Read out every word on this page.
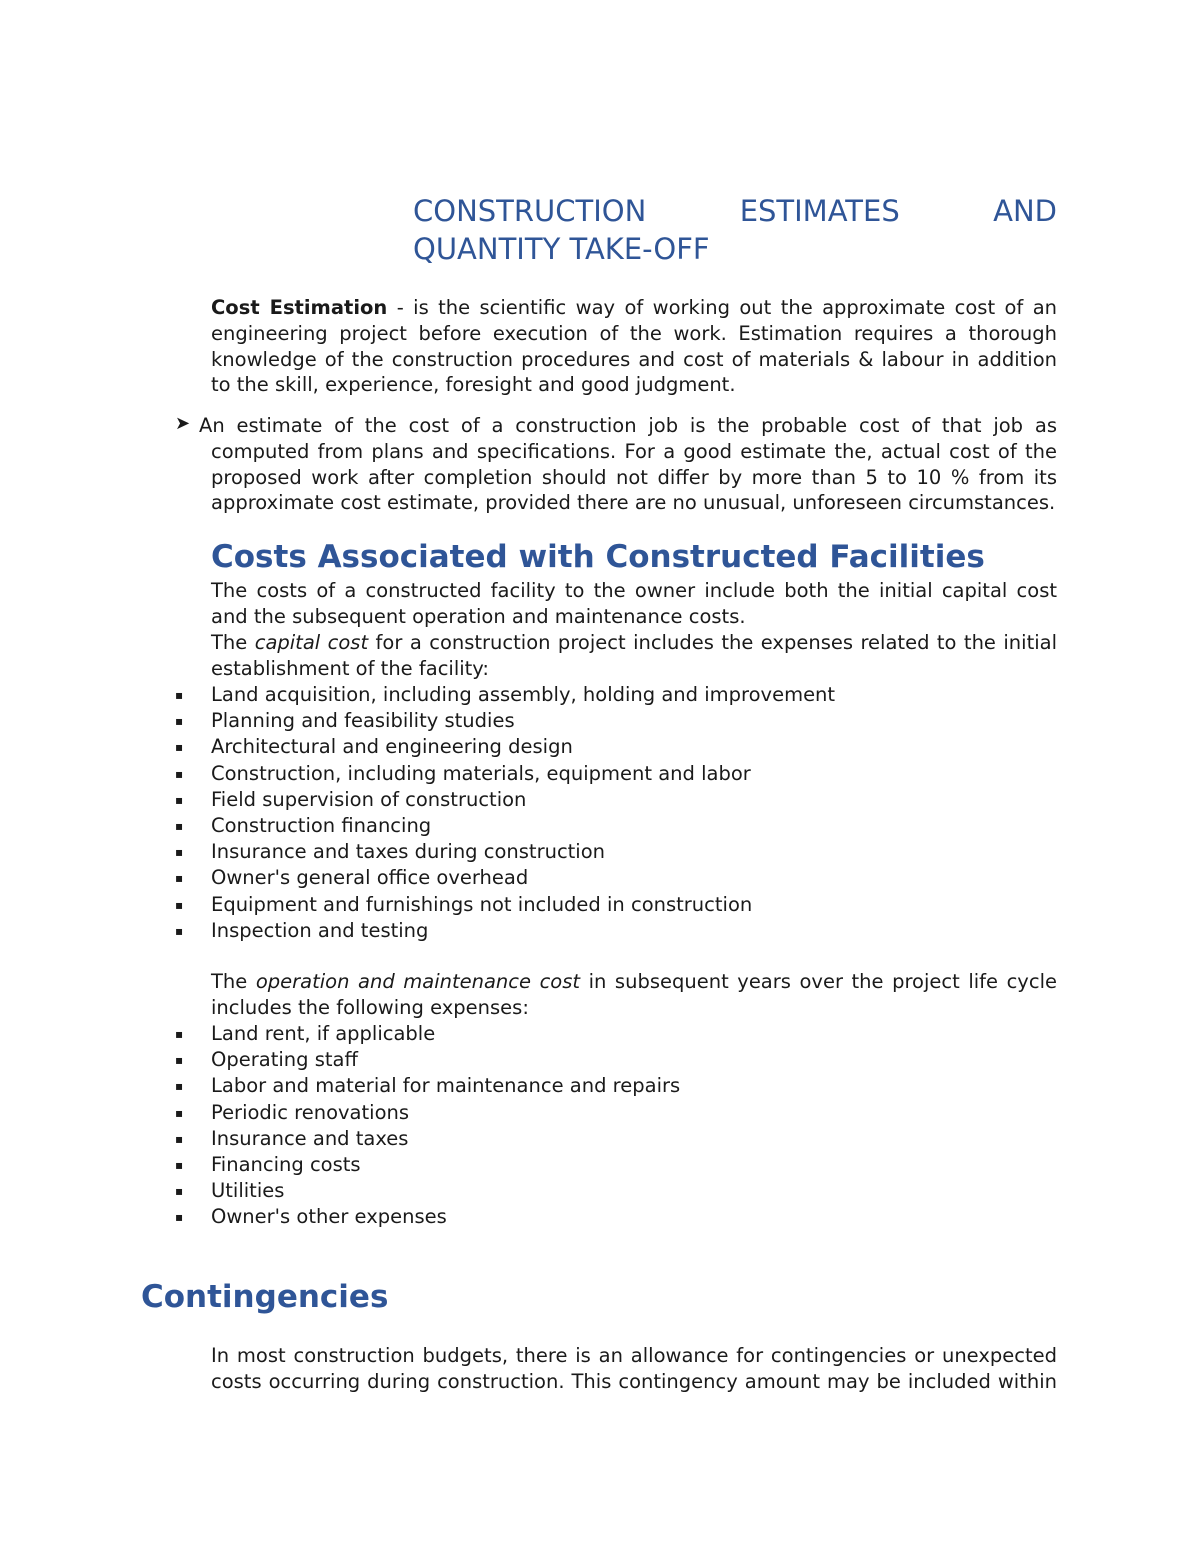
CONSTRUCTION	ESTIMATES	AND
QUANTITY TAKE-OFF

Cost Estimation - is the scientific way of working out the approximate cost of an engineering project before execution of the work. Estimation requires a thorough knowledge of the construction procedures and cost of materials & labour in addition to the skill, experience, foresight and good judgment.

➤ An estimate of the cost of a construction job is the probable cost of that job as computed from plans and specifications. For a good estimate the, actual cost of the proposed work after completion should not differ by more than 5 to 10 % from its approximate cost estimate, provided there are no unusual, unforeseen circumstances.

Costs Associated with Constructed Facilities

The costs of a constructed facility to the owner include both the initial capital cost and the subsequent operation and maintenance costs.

The capital cost for a construction project includes the expenses related to the initial establishment of the facility:

▪ Land acquisition, including assembly, holding and improvement
▪ Planning and feasibility studies
▪ Architectural and engineering design
▪ Construction, including materials, equipment and labor
▪ Field supervision of construction
▪ Construction financing
▪ Insurance and taxes during construction
▪ Owner's general office overhead
▪ Equipment and furnishings not included in construction
▪ Inspection and testing

The operation and maintenance cost in subsequent years over the project life cycle includes the following expenses:

▪ Land rent, if applicable
▪ Operating staff
▪ Labor and material for maintenance and repairs
▪ Periodic renovations
▪ Insurance and taxes
▪ Financing costs
▪ Utilities
▪ Owner's other expenses
Contingencies

In most construction budgets, there is an allowance for contingencies or unexpected costs occurring during construction. This contingency amount may be included within
